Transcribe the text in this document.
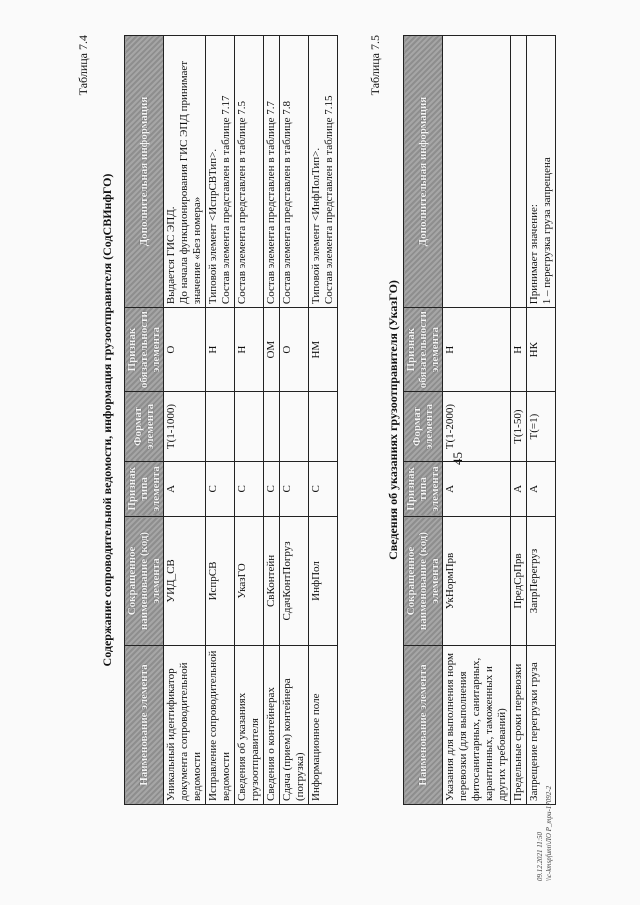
45
Таблица 7.4
Содержание сопроводительной ведомости, информация грузоотправителя (СодСВИнфГО)
Наименование элемента	Сокращенное наименование (код) элемента	Признак типа элемента	Формат элемента	Признак обязательности элемента	Дополнительная информация
Уникальный идентификатор документа сопроводительной ведомости	УИД_СВ	А	Т(1-1000)	О	Выдается ГИС ЭПД.
До начала функционирования ГИС ЭПД принимает значение «Без номера»
Исправление сопроводительной ведомости	ИспрСВ	С		Н	Типовой элемент <ИспрСВТип>.
Состав элемента представлен в таблице 7.17
Сведения об указаниях грузоотправителя	УказГО	С		Н	Состав элемента представлен в таблице 7.5
Сведения о контейнерах	СвКонтейн	С		ОМ	Состав элемента представлен в таблице 7.7
Сдача (прием) контейнера (погрузка)	СдачКонтПогруз	С		О	Состав элемента представлен в таблице 7.8
Информационное поле	ИнфПол	С		НМ	Типовой элемент <ИнфПолТип>.
Состав элемента представлен в таблице 7.15
Таблица 7.5
Сведения об указаниях грузоотправителя (УказГО)
Наименование элемента	Сокращенное наименование (код) элемента	Признак типа элемента	Формат элемента	Признак обязательности элемента	Дополнительная информация
Указания для выполнения норм перевозки (для выполнения фитосанитарных, санитарных, карантинных, таможенных и других требований)	УкНормПрв	А	Т(1-2000)	Н	
Предельные сроки перевозки	ПредСрПрв	А	Т(1-50)	Н	
Запрещение перегрузки груза	ЗапрПерегруз	А	Т(=1)	НК	Принимает значение:
1 – перегрузка груза запрещена
09.12.2021 11:50 \\c-kmspfunn\ЛО Р_mpu-17092-2
